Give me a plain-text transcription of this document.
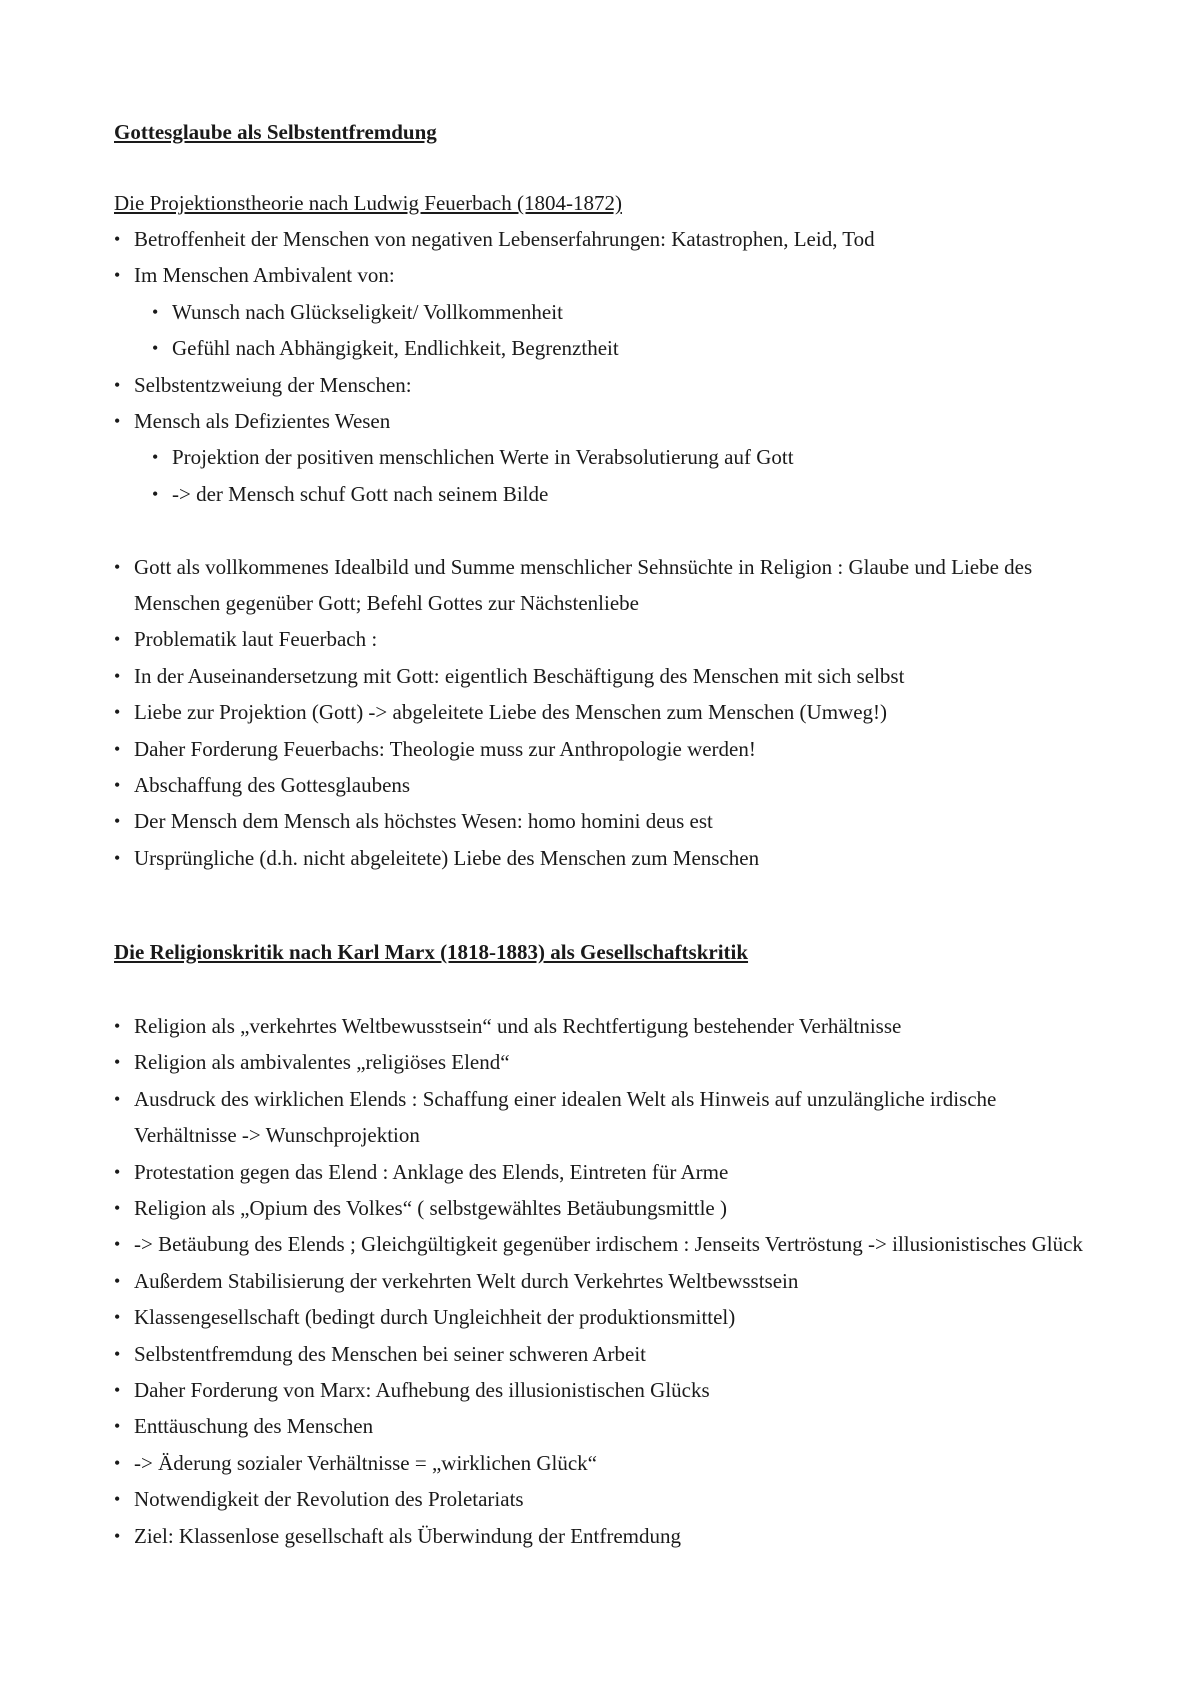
Gottesglaube als Selbstentfremdung

Die Projektionstheorie nach Ludwig Feuerbach (1804-1872)

• Betroffenheit der Menschen von negativen Lebenserfahrungen: Katastrophen, Leid, Tod
• Im Menschen Ambivalent von:
• Wunsch nach Glückseligkeit/ Vollkommenheit
• Gefühl nach Abhängigkeit, Endlichkeit, Begrenztheit
• Selbstentzweiung der Menschen:
• Mensch als Defizientes Wesen
• Projektion der positiven menschlichen Werte in Verabsolutierung auf Gott
• -> der Mensch schuf Gott nach seinem Bilde
• Gott als vollkommenes Idealbild und Summe menschlicher Sehnsüchte in Religion : Glaube und Liebe des Menschen gegenüber Gott; Befehl Gottes zur Nächstenliebe
• Problematik laut Feuerbach :
• In der Auseinandersetzung mit Gott: eigentlich Beschäftigung des Menschen mit sich selbst
• Liebe zur Projektion (Gott) -> abgeleitete Liebe des Menschen zum Menschen (Umweg!)
• Daher Forderung Feuerbachs: Theologie muss zur Anthropologie werden!
• Abschaffung des Gottesglaubens
• Der Mensch dem Mensch als höchstes Wesen: homo homini deus est
• Ursprüngliche (d.h. nicht abgeleitete) Liebe des Menschen zum Menschen
Die Religionskritik nach Karl Marx (1818-1883) als Gesellschaftskritik
• Religion als „verkehrtes Weltbewusstsein“ und als Rechtfertigung bestehender Verhältnisse
• Religion als ambivalentes „religiöses Elend“
• Ausdruck des wirklichen Elends : Schaffung einer idealen Welt als Hinweis auf unzulängliche irdische Verhältnisse -> Wunschprojektion
• Protestation gegen das Elend : Anklage des Elends, Eintreten für Arme
• Religion als „Opium des Volkes“ ( selbstgewähltes Betäubungsmittle )
• -> Betäubung des Elends ; Gleichgültigkeit gegenüber irdischem : Jenseits Vertröstung -> illusionistisches Glück
• Außerdem Stabilisierung der verkehrten Welt durch Verkehrtes Weltbewsstsein
• Klassengesellschaft (bedingt durch Ungleichheit der produktionsmittel)
• Selbstentfremdung des Menschen bei seiner schweren Arbeit
• Daher Forderung von Marx: Aufhebung des illusionistischen Glücks
• Enttäuschung des Menschen
• -> Äderung sozialer Verhältnisse = „wirklichen Glück“
• Notwendigkeit der Revolution des Proletariats
• Ziel: Klassenlose gesellschaft als Überwindung der Entfremdung
